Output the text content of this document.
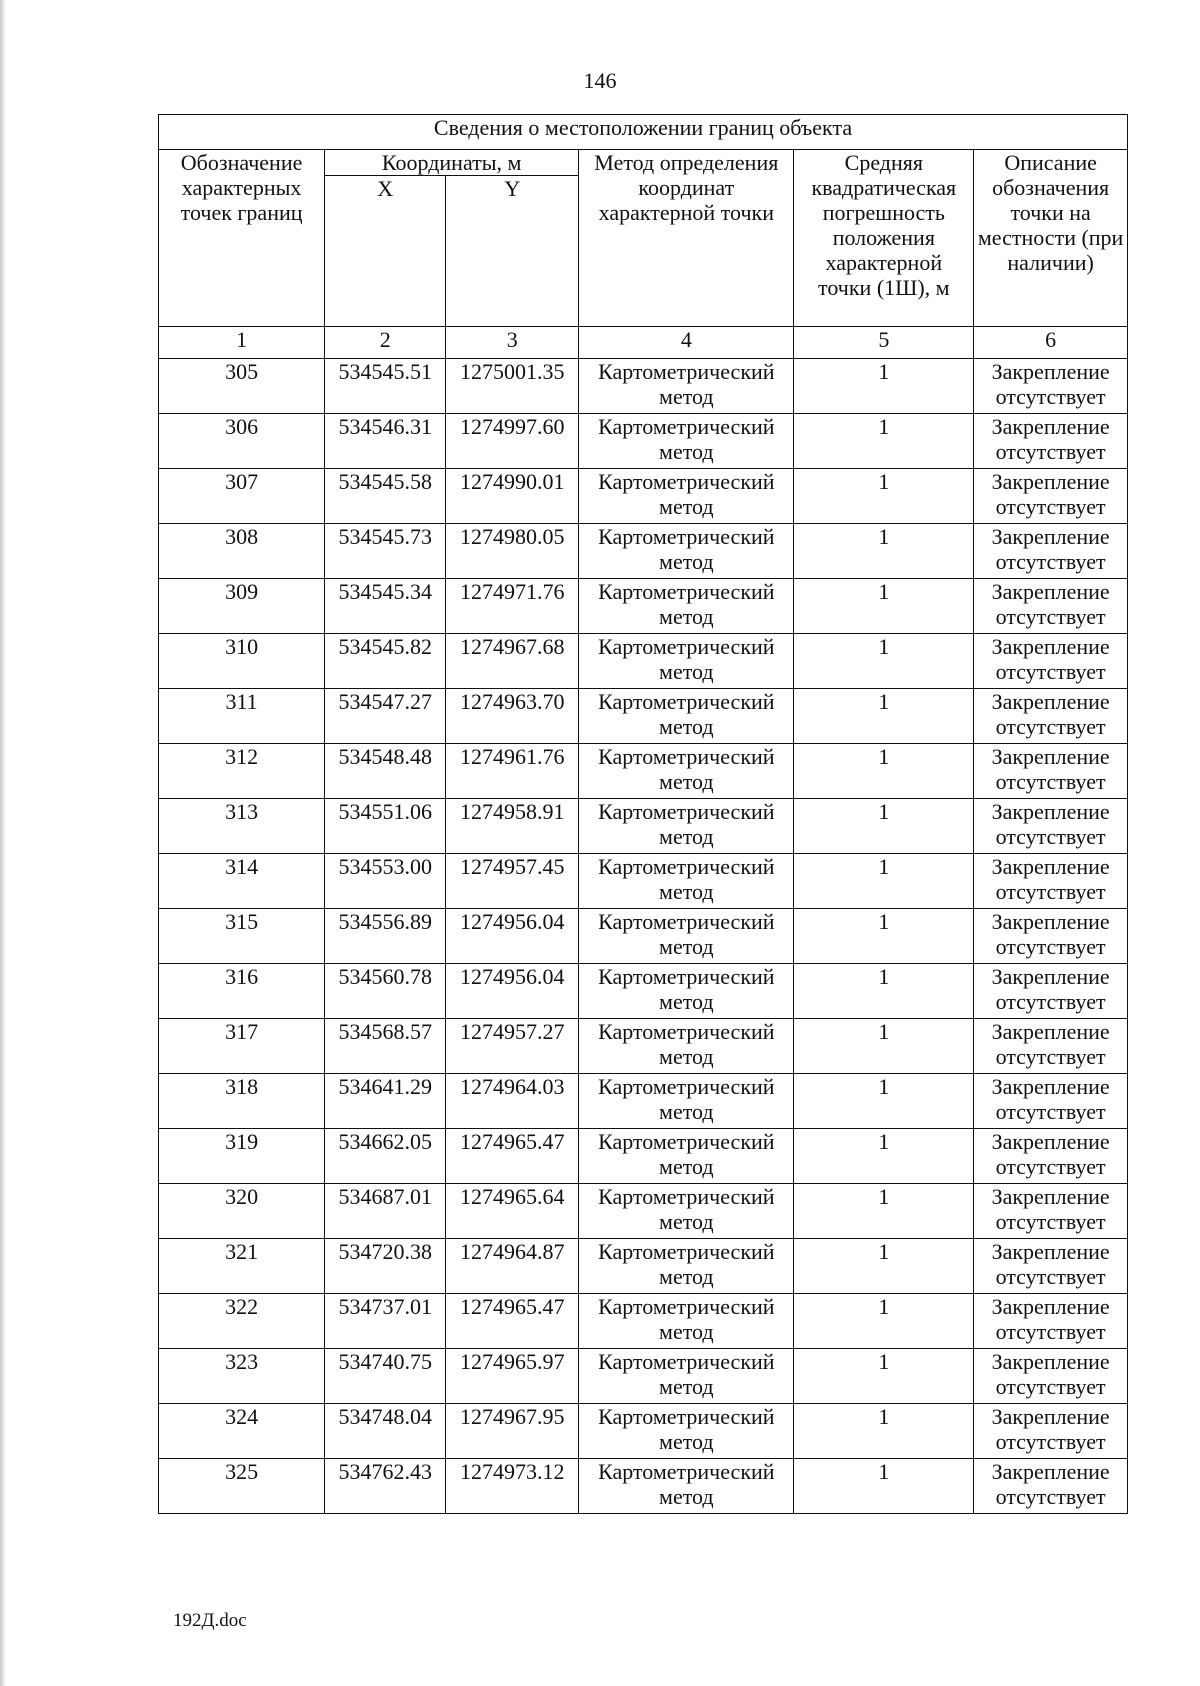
146
Сведения о местоположении границ объекта					
Обозначение характерных точек границ	Координаты, м		Метод определения координат характерной точки	Средняя квадратическая погрешность положения характерной точки (1Ш), м	Описание обозначения точки на местности (при наличии)
	X	Y			
1	2	3	4	5	6
305	534545.51	1275001.35	Картометрический метод	1	Закрепление отсутствует
306	534546.31	1274997.60	Картометрический метод	1	Закрепление отсутствует
307	534545.58	1274990.01	Картометрический метод	1	Закрепление отсутствует
308	534545.73	1274980.05	Картометрический метод	1	Закрепление отсутствует
309	534545.34	1274971.76	Картометрический метод	1	Закрепление отсутствует
310	534545.82	1274967.68	Картометрический метод	1	Закрепление отсутствует
311	534547.27	1274963.70	Картометрический метод	1	Закрепление отсутствует
312	534548.48	1274961.76	Картометрический метод	1	Закрепление отсутствует
313	534551.06	1274958.91	Картометрический метод	1	Закрепление отсутствует
314	534553.00	1274957.45	Картометрический метод	1	Закрепление отсутствует
315	534556.89	1274956.04	Картометрический метод	1	Закрепление отсутствует
316	534560.78	1274956.04	Картометрический метод	1	Закрепление отсутствует
317	534568.57	1274957.27	Картометрический метод	1	Закрепление отсутствует
318	534641.29	1274964.03	Картометрический метод	1	Закрепление отсутствует
319	534662.05	1274965.47	Картометрический метод	1	Закрепление отсутствует
320	534687.01	1274965.64	Картометрический метод	1	Закрепление отсутствует
321	534720.38	1274964.87	Картометрический метод	1	Закрепление отсутствует
322	534737.01	1274965.47	Картометрический метод	1	Закрепление отсутствует
323	534740.75	1274965.97	Картометрический метод	1	Закрепление отсутствует
324	534748.04	1274967.95	Картометрический метод	1	Закрепление отсутствует
325	534762.43	1274973.12	Картометрический метод	1	Закрепление отсутствует
192Д.doc
